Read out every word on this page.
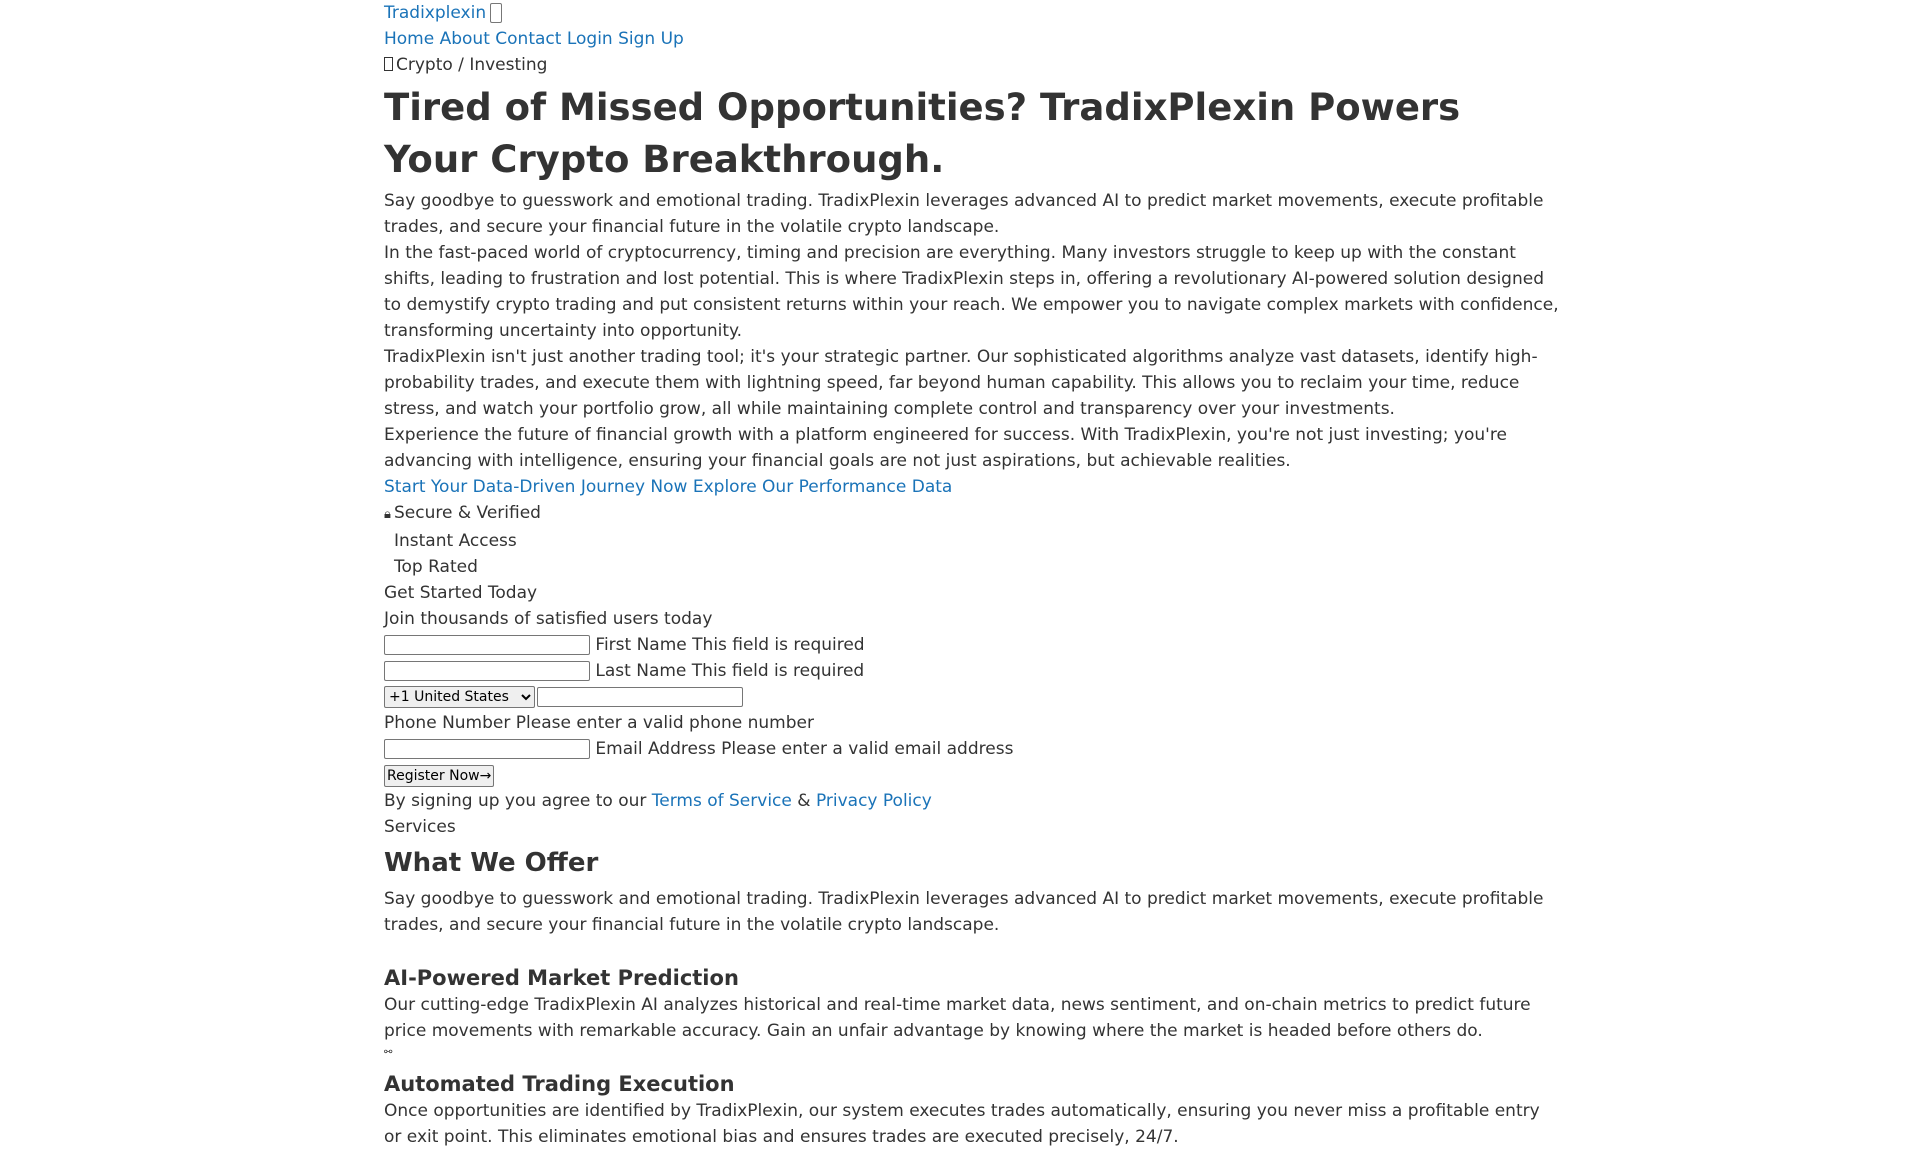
Tradixplexin
Home About Contact Login Sign Up
Crypto / Investing
Tired of Missed Opportunities? TradixPlexin Powers Your Crypto Breakthrough.

Say goodbye to guesswork and emotional trading. TradixPlexin leverages advanced AI to predict market movements, execute profitable trades, and secure your financial future in the volatile crypto landscape.

In the fast-paced world of cryptocurrency, timing and precision are everything. Many investors struggle to keep up with the constant shifts, leading to frustration and lost potential. This is where TradixPlexin steps in, offering a revolutionary AI-powered solution designed to demystify crypto trading and put consistent returns within your reach. We empower you to navigate complex markets with confidence, transforming uncertainty into opportunity.

TradixPlexin isn't just another trading tool; it's your strategic partner. Our sophisticated algorithms analyze vast datasets, identify high-probability trades, and execute them with lightning speed, far beyond human capability. This allows you to reclaim your time, reduce stress, and watch your portfolio grow, all while maintaining complete control and transparency over your investments.

Experience the future of financial growth with a platform engineered for success. With TradixPlexin, you're not just investing; you're advancing with intelligence, ensuring your financial goals are not just aspirations, but achievable realities.

Start Your Data-Driven Journey Now Explore Our Performance Data
🔒︎ Secure & Verified
Instant Access
Top Rated
Get Started Today
Join thousands of satisfied users today
First Name This field is required
Last Name This field is required
+1 United States
Phone Number Please enter a valid phone number
Email Address Please enter a valid email address
Register Now→
By signing up you agree to our Terms of Service & Privacy Policy
Services
What We Offer

Say goodbye to guesswork and emotional trading. TradixPlexin leverages advanced AI to predict market movements, execute profitable trades, and secure your financial future in the volatile crypto landscape.

AI-Powered Market Prediction

Our cutting-edge TradixPlexin AI analyzes historical and real-time market data, news sentiment, and on-chain metrics to predict future price movements with remarkable accuracy. Gain an unfair advantage by knowing where the market is headed before others do.

⚯
Automated Trading Execution

Once opportunities are identified by TradixPlexin, our system executes trades automatically, ensuring you never miss a profitable entry or exit point. This eliminates emotional bias and ensures trades are executed precisely, 24/7.
